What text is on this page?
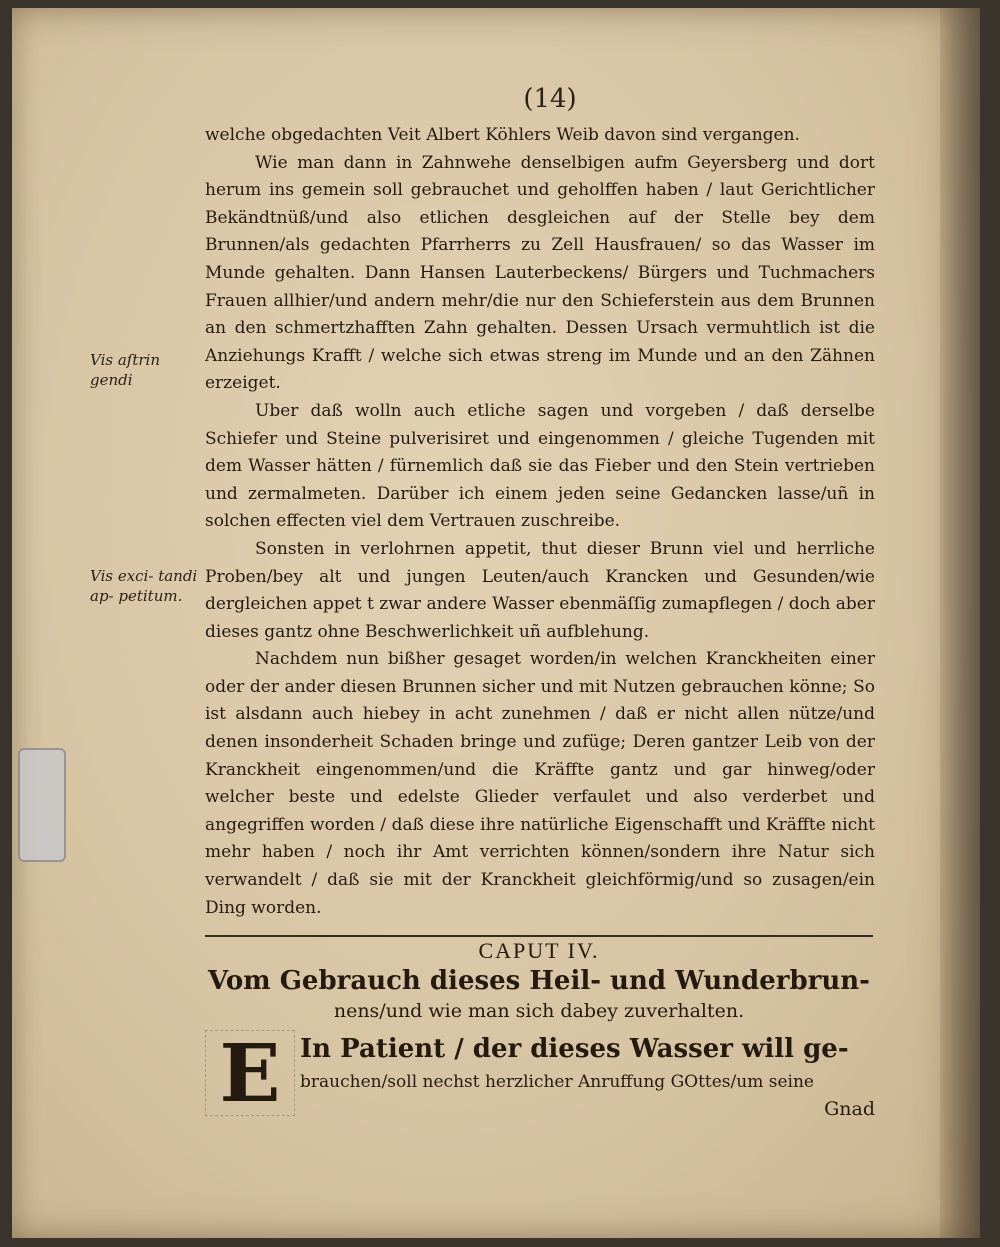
(14)
Vis aſtrin gendi
Vis exci- tandi ap- petitum.

welche obgedachten Veit Albert Köhlers Weib davon sind vergangen.

Wie man dann in Zahnwehe denselbigen aufm Geyersberg und dort herum ins gemein soll gebrauchet und geholffen haben / laut Gerichtlicher Bekändtnüß/und also etlichen desgleichen auf der Stelle bey dem Brunnen/als gedachten Pfarrherrs zu Zell Hausfrauen/ so das Wasser im Munde gehalten. Dann Hansen Lauterbeckens/ Bürgers und Tuchmachers Frauen allhier/und andern mehr/die nur den Schieferstein aus dem Brunnen an den schmertzhafften Zahn gehalten. Dessen Ursach vermuhtlich ist die Anziehungs Krafft / welche sich etwas streng im Munde und an den Zähnen erzeiget.

Uber daß wolln auch etliche sagen und vorgeben / daß derselbe Schiefer und Steine pulverisiret und eingenommen / gleiche Tugenden mit dem Wasser hätten / fürnemlich daß sie das Fieber und den Stein vertrieben und zermalmeten. Darüber ich einem jeden seine Gedancken lasse/uñ in solchen effecten viel dem Vertrauen zuschreibe.

Sonsten in verlohrnen appetit, thut dieser Brunn viel und herrliche Proben/bey alt und jungen Leuten/auch Krancken und Gesunden/wie dergleichen appet t zwar andere Wasser ebenmäſſig zumapflegen / doch aber dieses gantz ohne Beschwerlichkeit uñ aufblehung.

Nachdem nun bißher gesaget worden/in welchen Kranckheiten einer oder der ander diesen Brunnen sicher und mit Nutzen gebrauchen könne; So ist alsdann auch hiebey in acht zunehmen / daß er nicht allen nütze/und denen insonderheit Schaden bringe und zufüge; Deren gantzer Leib von der Kranckheit eingenommen/und die Kräffte gantz und gar hinweg/oder welcher beste und edelste Glieder verfaulet und also verderbet und angegriffen worden / daß diese ihre natürliche Eigenschafft und Kräffte nicht mehr haben / noch ihr Amt verrichten können/sondern ihre Natur sich verwandelt / daß sie mit der Kranckheit gleichförmig/und so zusagen/ein Ding worden.

CAPUT IV.
Vom Gebrauch dieses Heil- und Wunderbrun-
nens/und wie man sich dabey zuverhalten.
E In Patient / der dieses Wasser will ge-
brauchen/soll nechst herzlicher Anruffung GOttes/um seine
Gnad
